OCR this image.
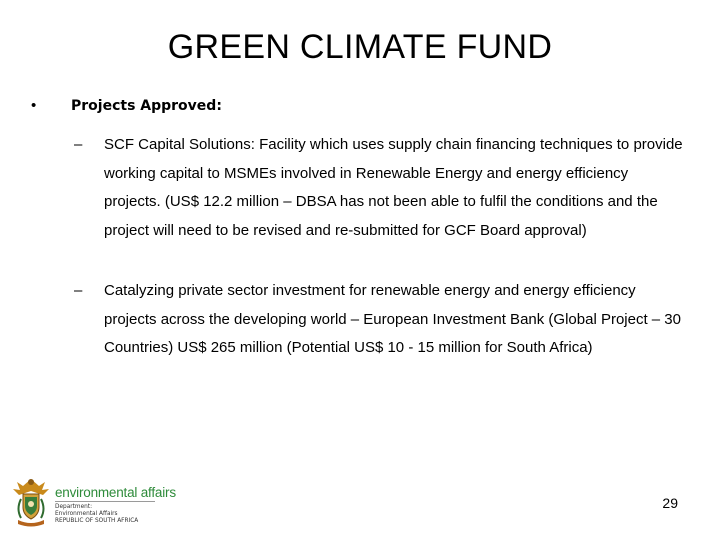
GREEN CLIMATE FUND
•	Projects Approved:
– SCF Capital Solutions: Facility which uses supply chain financing techniques to provide working capital to MSMEs involved in Renewable Energy and energy efficiency projects. (US$ 12.2 million – DBSA has not been able to fulfil the conditions and the project will need to be revised and re-submitted for GCF Board approval)
– Catalyzing private sector investment for renewable energy and energy efficiency projects across the developing world – European Investment Bank (Global Project – 30 Countries) US$ 265 million (Potential US$ 10 - 15 million for South Africa)
environmental affairs
Department:
Environmental Affairs
REPUBLIC OF SOUTH AFRICA
29
